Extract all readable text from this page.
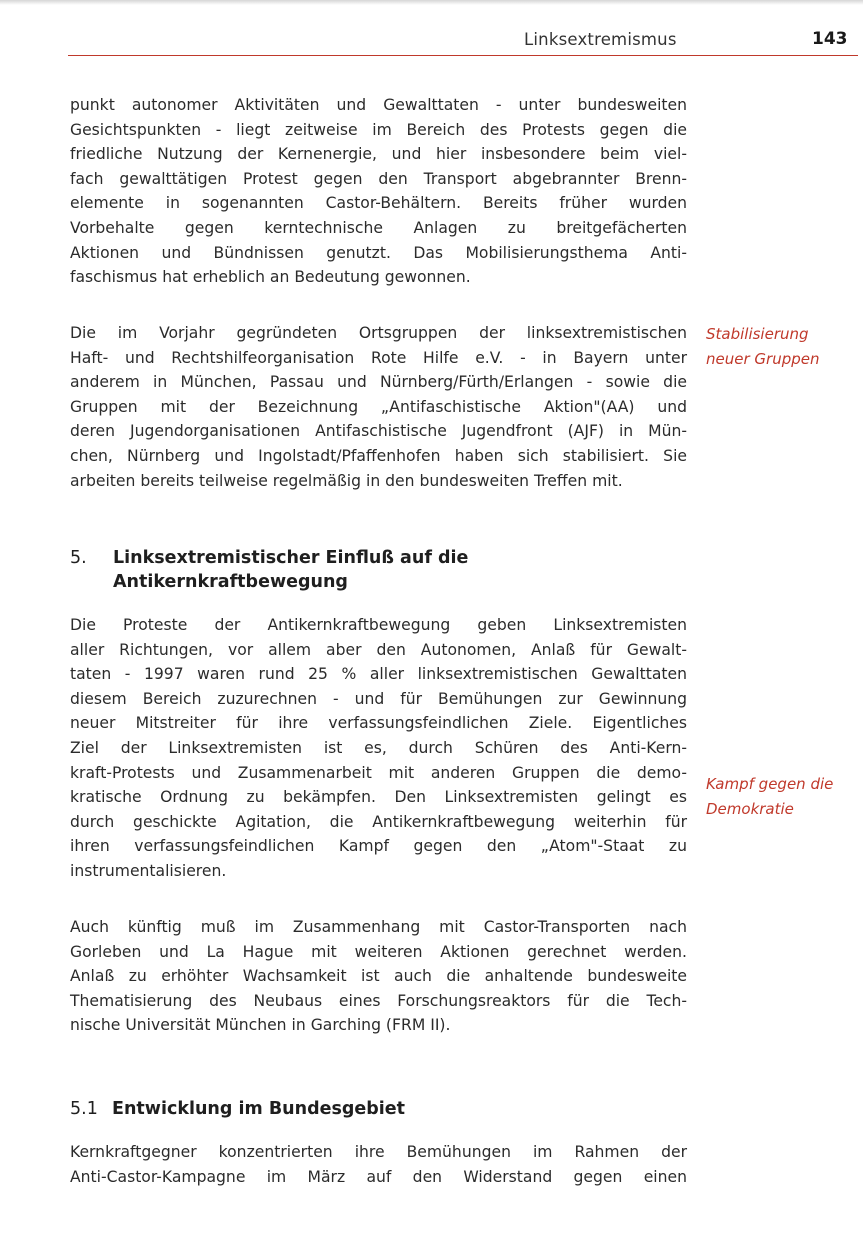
Linksextremismus	143
punkt autonomer Aktivitäten und Gewalttaten - unter bundesweiten
Gesichtspunkten - liegt zeitweise im Bereich des Protests gegen die
friedliche Nutzung der Kernenergie, und hier insbesondere beim viel-
fach gewalttätigen Protest gegen den Transport abgebrannter Brenn-
elemente in sogenannten Castor-Behältern. Bereits früher wurden
Vorbehalte gegen kerntechnische Anlagen zu breitgefächerten
Aktionen und Bündnissen genutzt. Das Mobilisierungsthema Anti-
faschismus hat erheblich an Bedeutung gewonnen.
Die im Vorjahr gegründeten Ortsgruppen der linksextremistischen
Haft- und Rechtshilfeorganisation Rote Hilfe e.V. - in Bayern unter
anderem in München, Passau und Nürnberg/Fürth/Erlangen - sowie die
Gruppen mit der Bezeichnung „Antifaschistische Aktion"(AA) und
deren Jugendorganisationen Antifaschistische Jugendfront (AJF) in Mün-
chen, Nürnberg und Ingolstadt/Pfaffenhofen haben sich stabilisiert. Sie
arbeiten bereits teilweise regelmäßig in den bundesweiten Treffen mit.
Stabilisierung
neuer Gruppen
5. Linksextremistischer Einfluß auf die
Antikernkraftbewegung
Die Proteste der Antikernkraftbewegung geben Linksextremisten
aller Richtungen, vor allem aber den Autonomen, Anlaß für Gewalt-
taten - 1997 waren rund 25 % aller linksextremistischen Gewalttaten
diesem Bereich zuzurechnen - und für Bemühungen zur Gewinnung
neuer Mitstreiter für ihre verfassungsfeindlichen Ziele. Eigentliches
Ziel der Linksextremisten ist es, durch Schüren des Anti-Kern-
kraft-Protests und Zusammenarbeit mit anderen Gruppen die demo-
kratische Ordnung zu bekämpfen. Den Linksextremisten gelingt es
durch geschickte Agitation, die Antikernkraftbewegung weiterhin für
ihren verfassungsfeindlichen Kampf gegen den „Atom"-Staat zu
instrumentalisieren.
Kampf gegen die
Demokratie
Auch künftig muß im Zusammenhang mit Castor-Transporten nach
Gorleben und La Hague mit weiteren Aktionen gerechnet werden.
Anlaß zu erhöhter Wachsamkeit ist auch die anhaltende bundesweite
Thematisierung des Neubaus eines Forschungsreaktors für die Tech-
nische Universität München in Garching (FRM II).
5.1 Entwicklung im Bundesgebiet
Kernkraftgegner konzentrierten ihre Bemühungen im Rahmen der
Anti-Castor-Kampagne im März auf den Widerstand gegen einen
